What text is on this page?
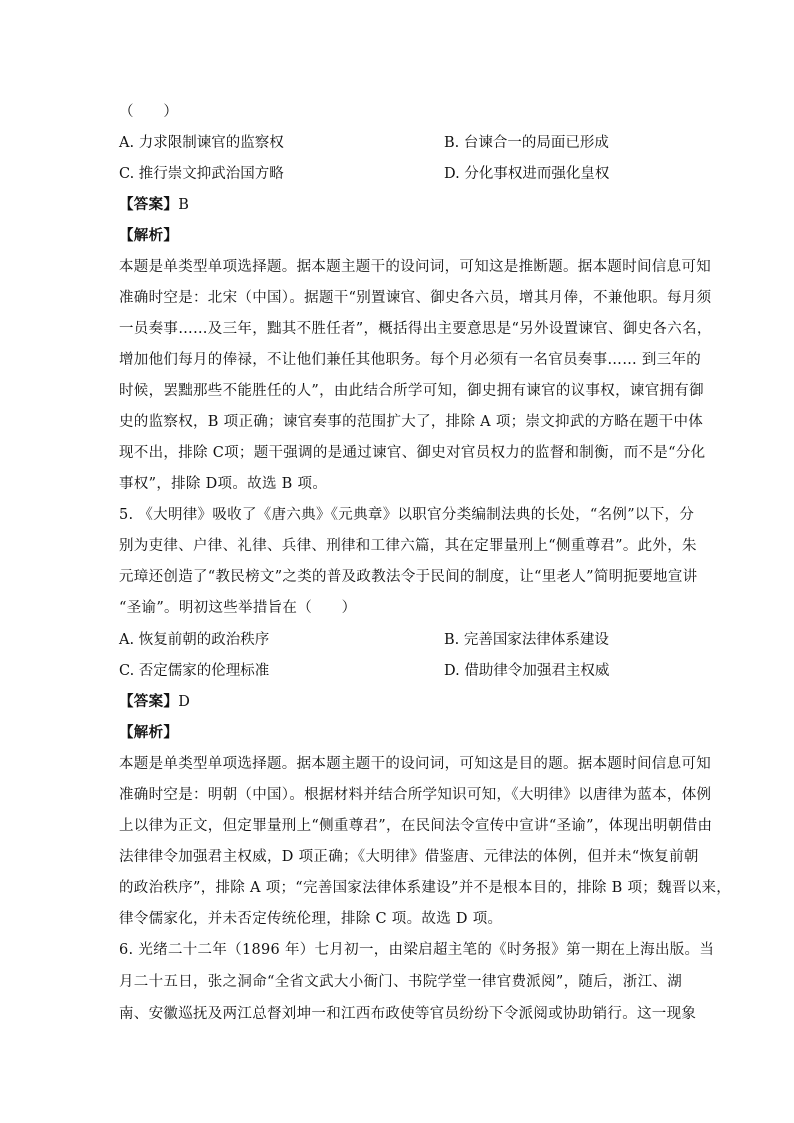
（　　）
A. 力求限制谏官的监察权	B. 台谏合一的局面已形成
C. 推行崇文抑武治国方略	D. 分化事权进而强化皇权
【答案】B
【解析】
本题是单类型单项选择题。据本题主题干的设问词，可知这是推断题。据本题时间信息可知
准确时空是：北宋（中国）。据题干“别置谏官、御史各六员，增其月俸，不兼他职。每月须
一员奏事……及三年，黜其不胜任者”，概括得出主要意思是“另外设置谏官、御史各六名，
增加他们每月的俸禄，不让他们兼任其他职务。每个月必须有一名官员奏事…… 到三年的
时候，罢黜那些不能胜任的人”，由此结合所学可知，御史拥有谏官的议事权，谏官拥有御
史的监察权，B 项正确；谏官奏事的范围扩大了，排除 A 项；崇文抑武的方略在题干中体
现不出，排除 C项；题干强调的是通过谏官、御史对官员权力的监督和制衡，而不是“分化
事权”，排除 D项。故选 B 项。
5. 《大明律》吸收了《唐六典》《元典章》以职官分类编制法典的长处，“名例”以下，分
别为吏律、户律、礼律、兵律、刑律和工律六篇，其在定罪量刑上“侧重尊君”。此外，朱
元璋还创造了“教民榜文”之类的普及政教法令于民间的制度，让“里老人”简明扼要地宣讲
“圣谕”。明初这些举措旨在（　　）
A. 恢复前朝的政治秩序	B. 完善国家法律体系建设
C. 否定儒家的伦理标准	D. 借助律令加强君主权威
【答案】D
【解析】
本题是单类型单项选择题。据本题主题干的设问词，可知这是目的题。据本题时间信息可知
准确时空是：明朝（中国）。根据材料并结合所学知识可知，《大明律》以唐律为蓝本，体例
上以律为正文，但定罪量刑上“侧重尊君”，在民间法令宣传中宣讲“圣谕”，体现出明朝借由
法律律令加强君主权威，D 项正确；《大明律》借鉴唐、元律法的体例，但并未“恢复前朝
的政治秩序”，排除 A 项；“完善国家法律体系建设”并不是根本目的，排除 B 项；魏晋以来，
律令儒家化，并未否定传统伦理，排除 C 项。故选 D 项。
6. 光绪二十二年（1896 年）七月初一，由梁启超主笔的《时务报》第一期在上海出版。当
月二十五日，张之洞命“全省文武大小衙门、书院学堂一律官费派阅”，随后，浙江、湖
南、安徽巡抚及两江总督刘坤一和江西布政使等官员纷纷下令派阅或协助销行。这一现象
